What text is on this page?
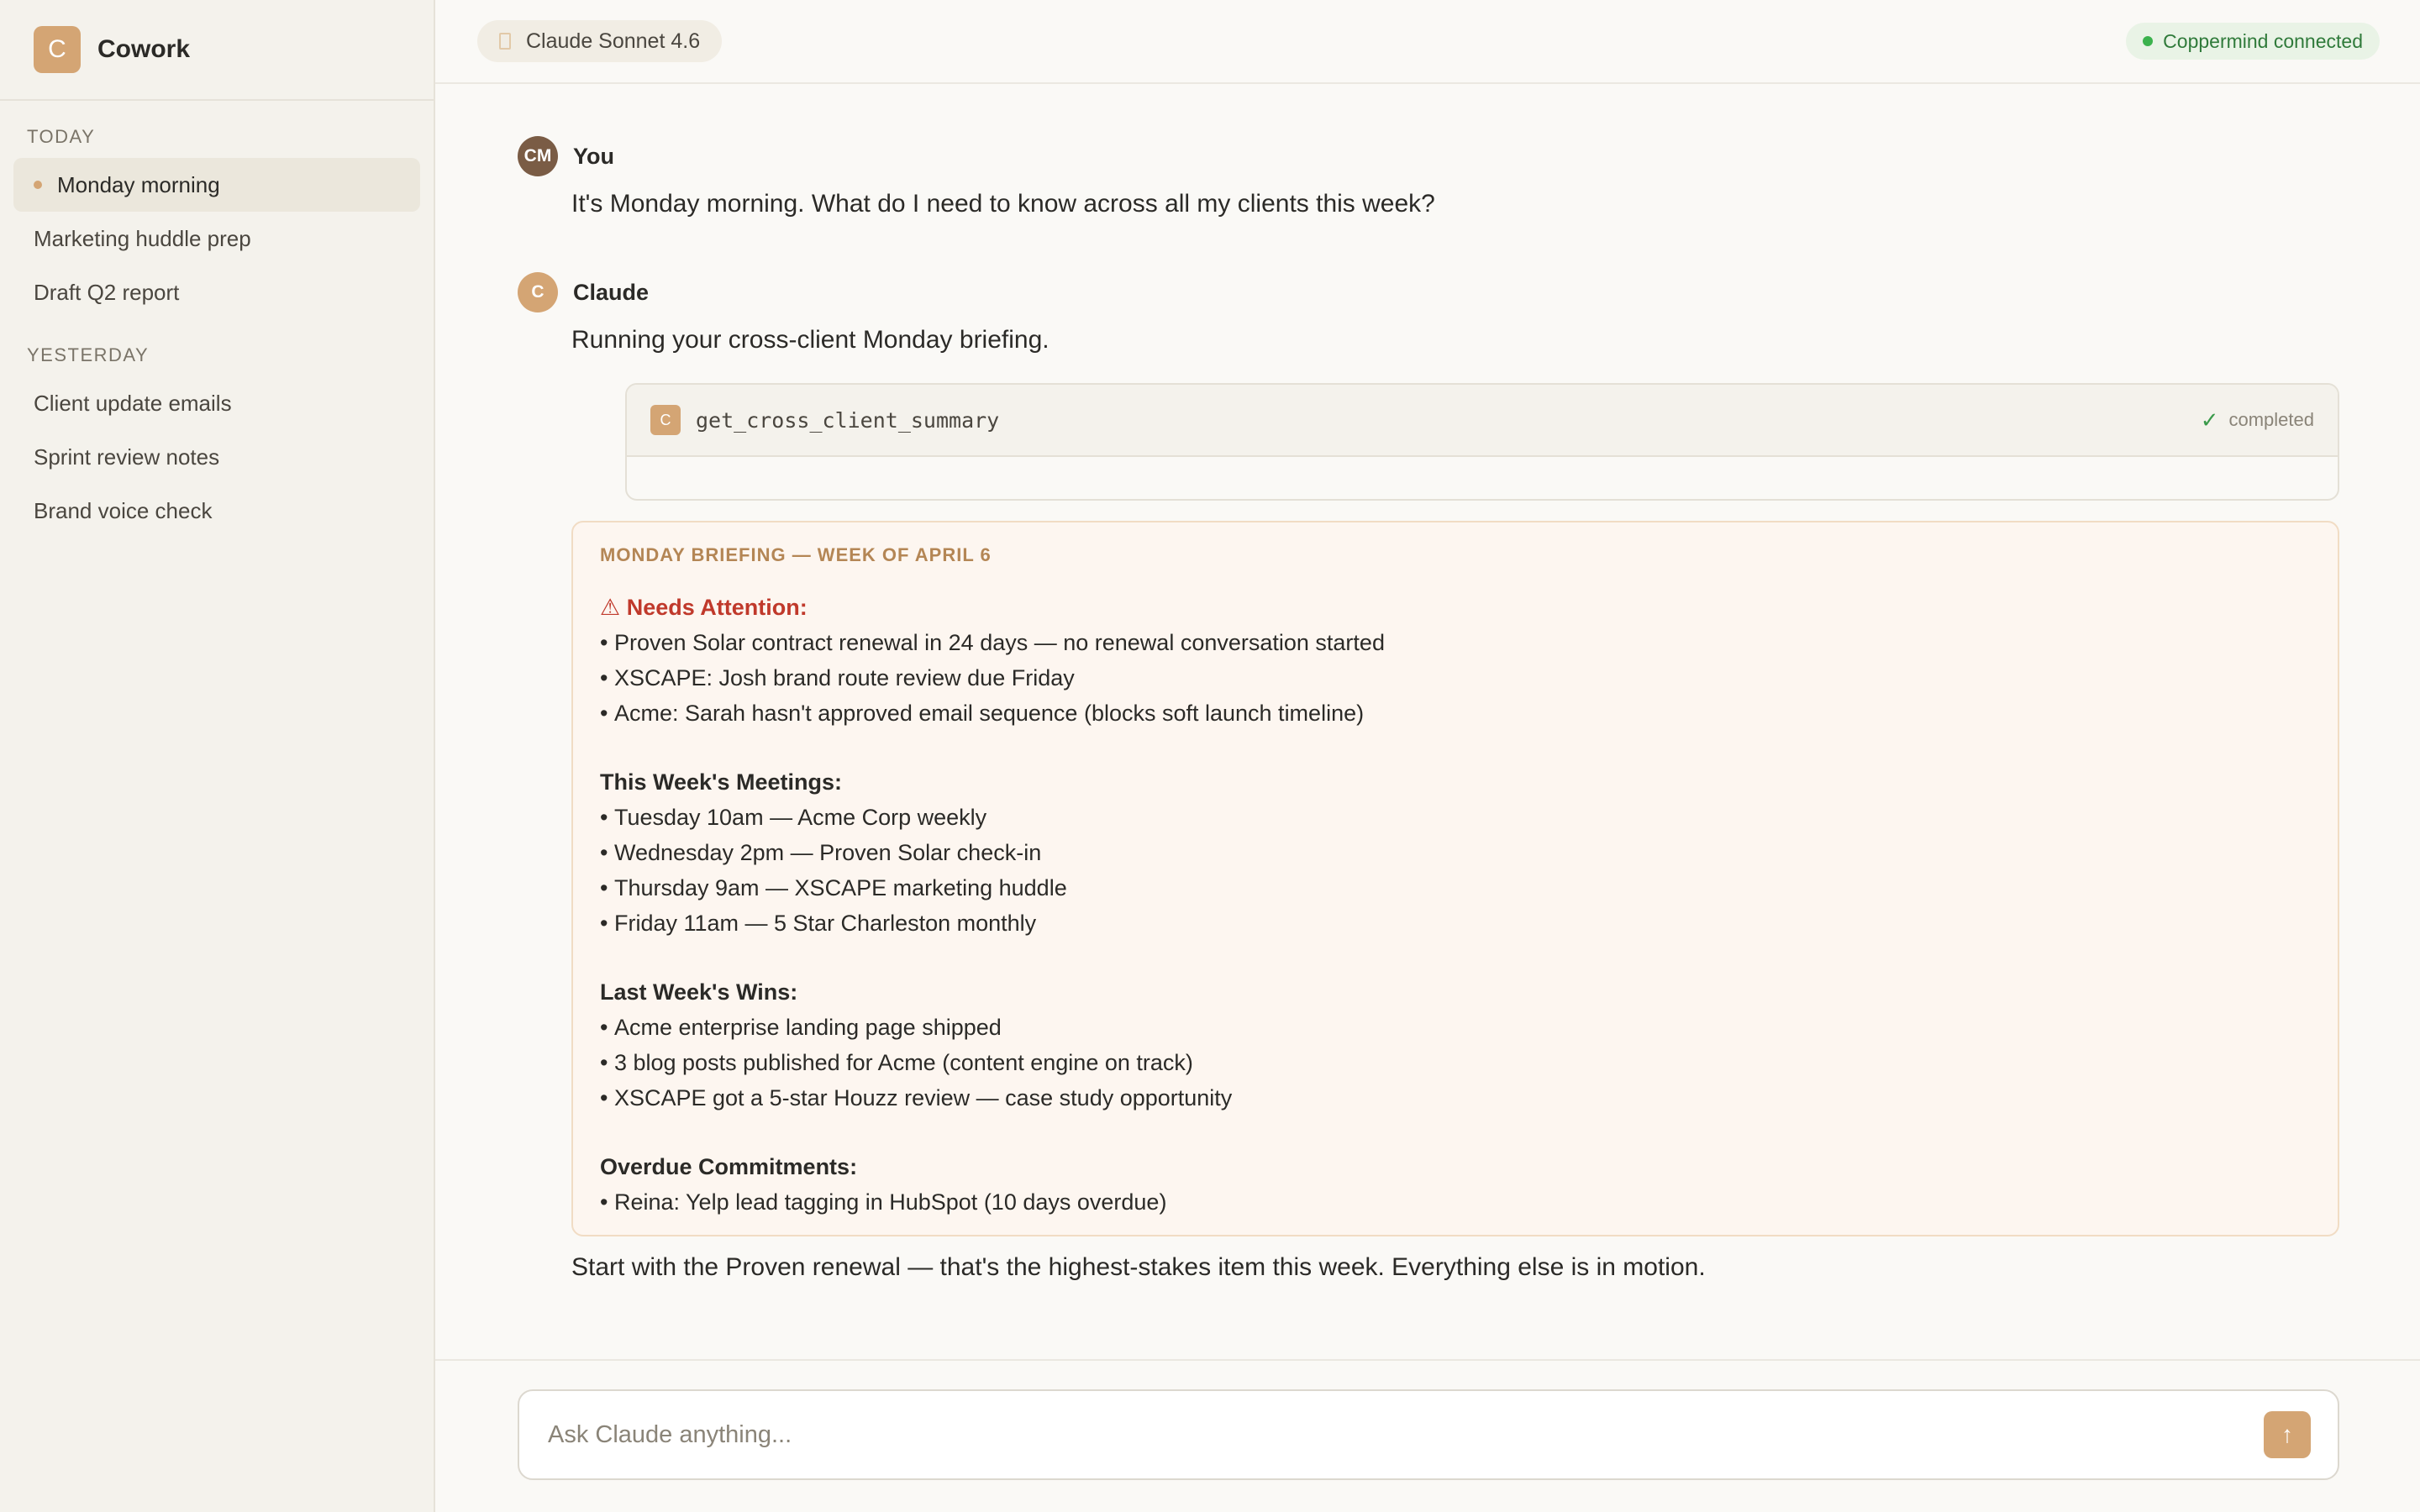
C	Cowork
TODAY
Monday morning
Marketing huddle prep
Draft Q2 report
YESTERDAY
Client update emails
Sprint review notes
Brand voice check
Claude Sonnet 4.6	Coppermind connected
CM You
It's Monday morning. What do I need to know across all my clients this week?
C	Claude
Running your cross-client Monday briefing.
C	get_cross_client_summary	✓ completed
MONDAY BRIEFING — WEEK OF APRIL 6
⚠ Needs Attention:
• Proven Solar contract renewal in 24 days — no renewal conversation started
• XSCAPE: Josh brand route review due Friday
• Acme: Sarah hasn't approved email sequence (blocks soft launch timeline)
This Week's Meetings:
• Tuesday 10am — Acme Corp weekly
• Wednesday 2pm — Proven Solar check-in
• Thursday 9am — XSCAPE marketing huddle
• Friday 11am — 5 Star Charleston monthly
Last Week's Wins:
• Acme enterprise landing page shipped
• 3 blog posts published for Acme (content engine on track)
• XSCAPE got a 5-star Houzz review — case study opportunity
Overdue Commitments:
• Reina: Yelp lead tagging in HubSpot (10 days overdue)
Start with the Proven renewal — that's the highest-stakes item this week. Everything else is in motion.
Ask Claude anything...
↑
